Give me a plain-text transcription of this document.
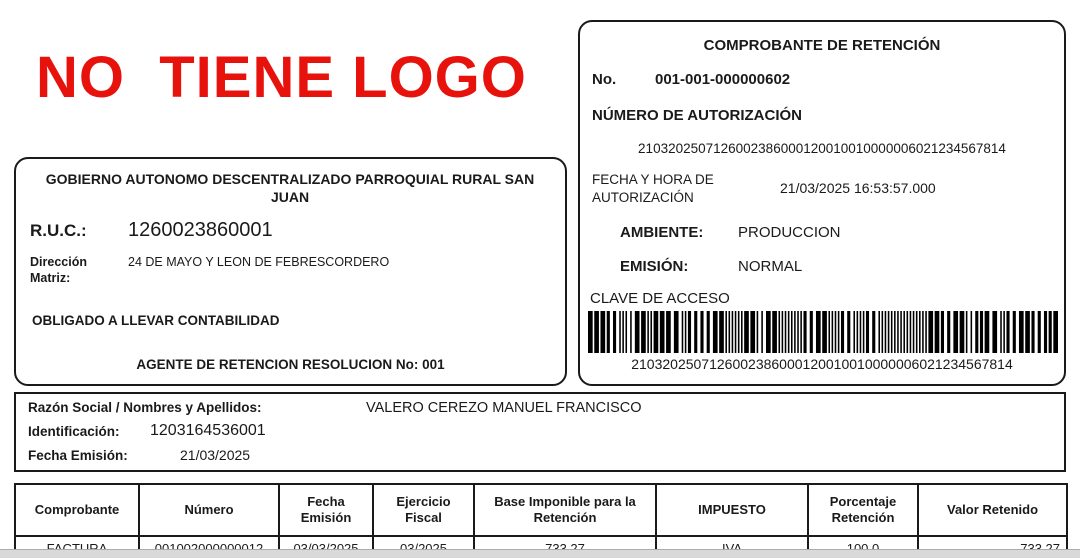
NO  TIENE LOGO
GOBIERNO AUTONOMO DESCENTRALIZADO PARROQUIAL RURAL SAN JUAN
R.U.C.: 1260023860001
Dirección Matriz:
24 DE MAYO Y LEON DE FEBRESCORDERO
OBLIGADO A LLEVAR CONTABILIDAD
AGENTE DE RETENCION RESOLUCION No: 001
COMPROBANTE DE RETENCIÓN
No.	001-001-000000602
NÚMERO DE AUTORIZACIÓN
2103202507126002386000120010010000006021234567814
FECHA Y HORA DE AUTORIZACIÓN
21/03/2025 16:53:57.000
AMBIENTE: PRODUCCION
EMISIÓN:	NORMAL
CLAVE DE ACCESO
2103202507126002386000120010010000006021234567814
Razón Social / Nombres y Apellidos:	VALERO CEREZO MANUEL FRANCISCO
Identificación: 1203164536001
Fecha Emisión:	21/03/2025
Comprobante	Número	Fecha Emisión	Ejercicio Fiscal	Base Imponible para la Retención	IMPUESTO	Porcentaje Retención	Valor Retenido
